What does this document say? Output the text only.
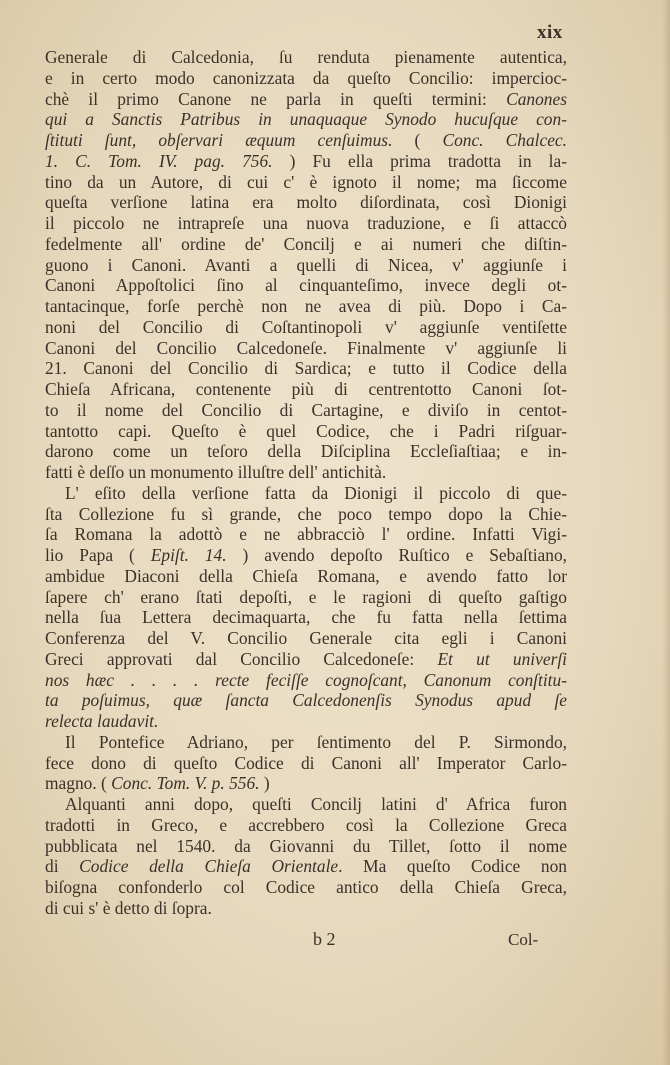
xix
Generale di Calcedonia, ſu renduta pienamente autentica,
e in certo modo canonizzata da queſto Concilio: impercioc-
chè il primo Canone ne parla in queſti termini: Canones
qui a Sanctis Patribus in unaquaque Synodo hucuſque con-
ſtituti ſunt, obſervari æquum cenſuimus. ( Conc. Chalcec.
1. C. Tom. IV. pag. 756. ) Fu ella prima tradotta in la-
tino da un Autore, di cui c' è ignoto il nome; ma ſiccome
queſta verſione latina era molto diſordinata, così Dionigi
il piccolo ne intrapreſe una nuova traduzione, e ſi attaccò
fedelmente all' ordine de' Concilj e ai numeri che diſtin-
guono i Canoni. Avanti a quelli di Nicea, v' aggiunſe i
Canoni Appoſtolici ſino al cinquanteſimo, invece degli ot-
tantacinque, forſe perchè non ne avea di più. Dopo i Ca-
noni del Concilio di Coſtantinopoli v' aggiunſe ventiſette
Canoni del Concilio Calcedoneſe. Finalmente v' aggiunſe li
21. Canoni del Concilio di Sardica; e tutto il Codice della
Chieſa Africana, contenente più di centrentotto Canoni ſot-
to il nome del Concilio di Cartagine, e diviſo in centot-
tantotto capi. Queſto è quel Codice, che i Padri riſguar-
darono come un teſoro della Diſciplina Eccleſiaſtiaa; e in-
fatti è deſſo un monumento illuſtre dell' antichità.
L' eſito della verſione fatta da Dionigi il piccolo di que-
ſta Collezione fu sì grande, che poco tempo dopo la Chie-
ſa Romana la adottò e ne abbracciò l' ordine. Infatti Vigi-
lio Papa ( Epiſt. 14. ) avendo depoſto Ruſtico e Sebaſtiano,
ambidue Diaconi della Chieſa Romana, e avendo fatto lor
ſapere ch' erano ſtati depoſti, e le ragioni di queſto gaſtigo
nella ſua Lettera decimaquarta, che fu fatta nella ſettima
Conferenza del V. Concilio Generale cita egli i Canoni
Greci approvati dal Concilio Calcedoneſe: Et ut univerſi
nos hæc . . . . recte feciſſe cognoſcant, Canonum conſtitu-
ta poſuimus, quæ ſancta Calcedonenſis Synodus apud ſe
relecta laudavit.
Il Pontefice Adriano, per ſentimento del P. Sirmondo,
fece dono di queſto Codice di Canoni all' Imperator Carlo-
magno. ( Conc. Tom. V. p. 556. )
Alquanti anni dopo, queſti Concilj latini d' Africa furon
tradotti in Greco, e accrebbero così la Collezione Greca
pubblicata nel 1540. da Giovanni du Tillet, ſotto il nome
di Codice della Chieſa Orientale. Ma queſto Codice non
biſogna confonderlo col Codice antico della Chieſa Greca,
di cui s' è detto di ſopra.
b 2	Col-
